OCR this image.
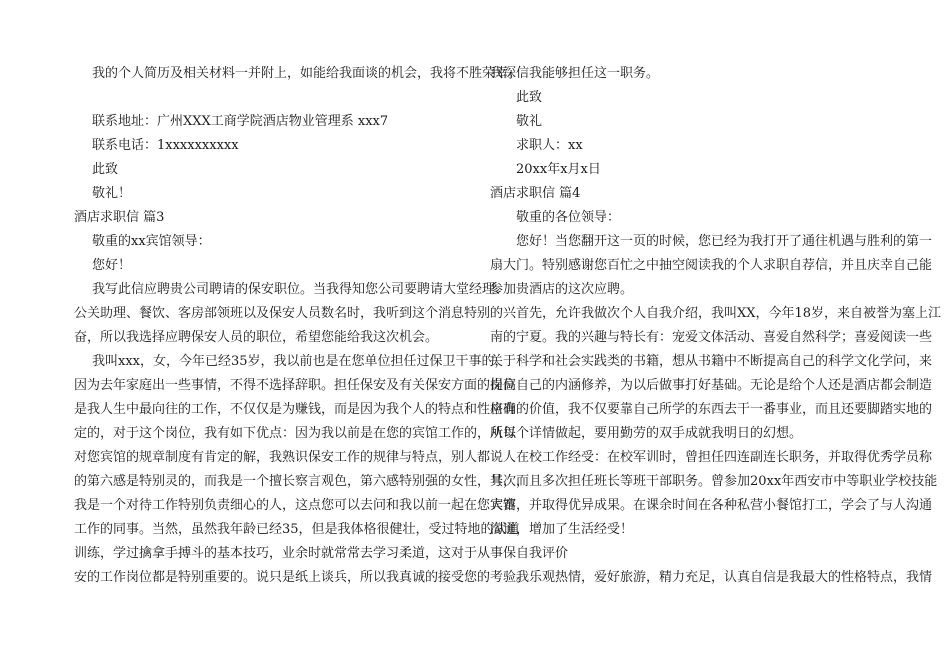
我的个人简历及相关材料一并附上，如能给我面谈的机会，我将不胜荣幸。
联系地址：广州XXX工商学院酒店物业管理系 xxx7
联系电话：1xxxxxxxxxx
此致
敬礼！
酒店求职信 篇3
敬重的xx宾馆领导：
您好！
我写此信应聘贵公司聘请的保安职位。当我得知您公司要聘请大堂经理、
公关助理、餐饮、客房部领班以及保安人员数名时，我听到这个消息特别的兴
奋，所以我选择应聘保安人员的职位，希望您能给我这次机会。
我叫xxx，女，今年已经35岁，我以前也是在您单位担任过保卫干事的，
因为去年家庭出一些事情，不得不选择辞职。担任保安及有关保安方面的岗位
是我人生中最向往的工作，不仅仅是为赚钱，而是因为我个人的特点和性格确
定的，对于这个岗位，我有如下优点：因为我以前是在您的宾馆工作的，所以
对您宾馆的规章制度有肯定的解，我熟识保安工作的规律与特点，别人都说人
的第六感是特别灵的，而我是一个擅长察言观色，第六感特别强的女性，其次，
我是一个对待工作特别负责细心的人，这点您可以去问和我以前一起在您宾馆
工作的同事。当然，虽然我年龄已经35，但是我体格很健壮，受过特地的武道
训练，学过擒拿手搏斗的基本技巧，业余时就常常去学习柔道，这对于从事保
安的工作岗位都是特别重要的。说只是纸上谈兵，所以我真诚的接受您的考验。
我深信我能够担任这一职务。
此致
敬礼
求职人：xx
20xx年x月x日
酒店求职信 篇4
敬重的各位领导：
您好！当您翻开这一页的时候，您已经为我打开了通往机遇与胜利的第一
扇大门。特别感谢您百忙之中抽空阅读我的个人求职自荐信，并且庆幸自己能
参加贵酒店的这次应聘。
首先，允许我做次个人自我介绍，我叫XX，今年18岁，来自被誉为塞上江
南的宁夏。我的兴趣与特长有：宠爱文体活动、喜爱自然科学；喜爱阅读一些
关于科学和社会实践类的书籍，想从书籍中不断提高自己的科学文化学问，来
提高自己的内涵修养，为以后做事打好基础。无论是给个人还是酒店都会制造
应有的价值，我不仅要靠自己所学的东西去干一番事业，而且还要脚踏实地的
从每个详情做起，要用勤劳的双手成就我明日的幻想。
在校工作经受：在校军训时，曾担任四连副连长职务，并取得优秀学员称
号，而且多次担任班长等班干部职务。曾参加20xx年西安市中等职业学校技能
大赛，并取得优异成果。在课余时间在各种私营小餐馆打工，学会了与人沟通
沟通，增加了生活经受！
自我评价
我乐观热情，爱好旅游，精力充足，认真自信是我最大的性格特点，我情
